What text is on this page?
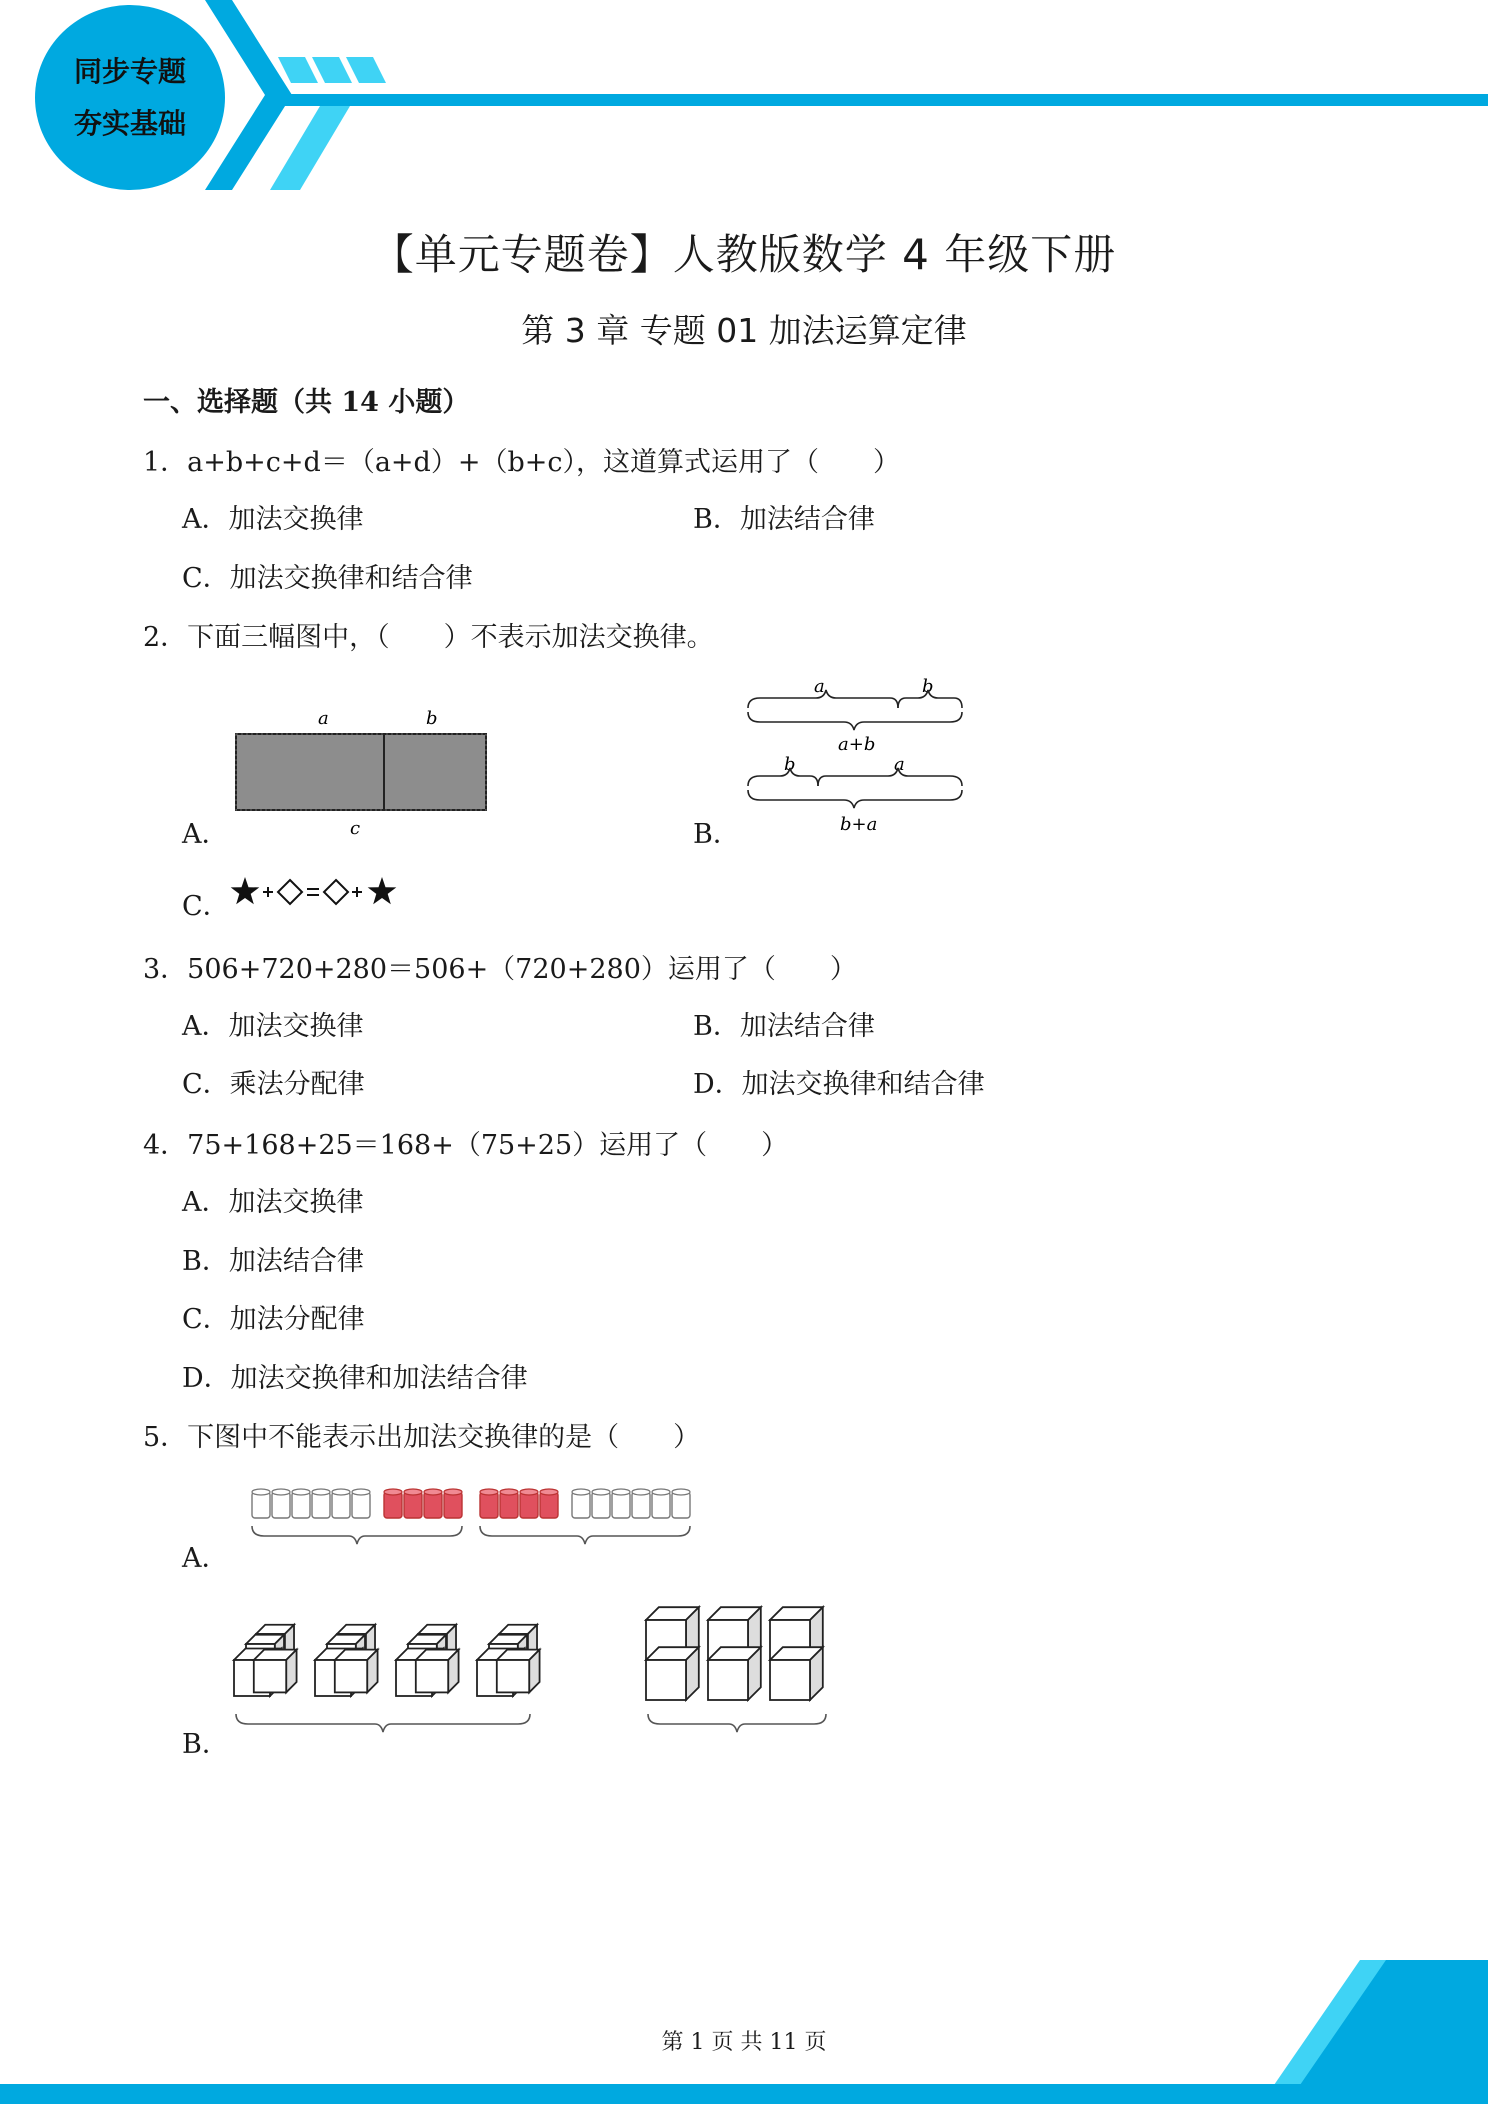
同步专题
夯实基础
【单元专题卷】人教版数学 4 年级下册
第 3 章 专题 01 加法运算定律
一、选择题（共 14 小题）
1．a+b+c+d＝（a+d）+（b+c），这道算式运用了（　　）
A．加法交换律	B．加法结合律
C．加法交换律和结合律
2．下面三幅图中，（　　）不表示加法交换律。
A．
a	b
c	B．
a	b
a+b
b	a
b+a
C．
3．506+720+280＝506+（720+280）运用了（　　）
A．加法交换律	B．加法结合律
C．乘法分配律	D．加法交换律和结合律
4．75+168+25＝168+（75+25）运用了（　　）
A．加法交换律
B．加法结合律
C．加法分配律
D．加法交换律和加法结合律
5．下图中不能表示出加法交换律的是（　　）
A．
B．
第 1 页 共 11 页
